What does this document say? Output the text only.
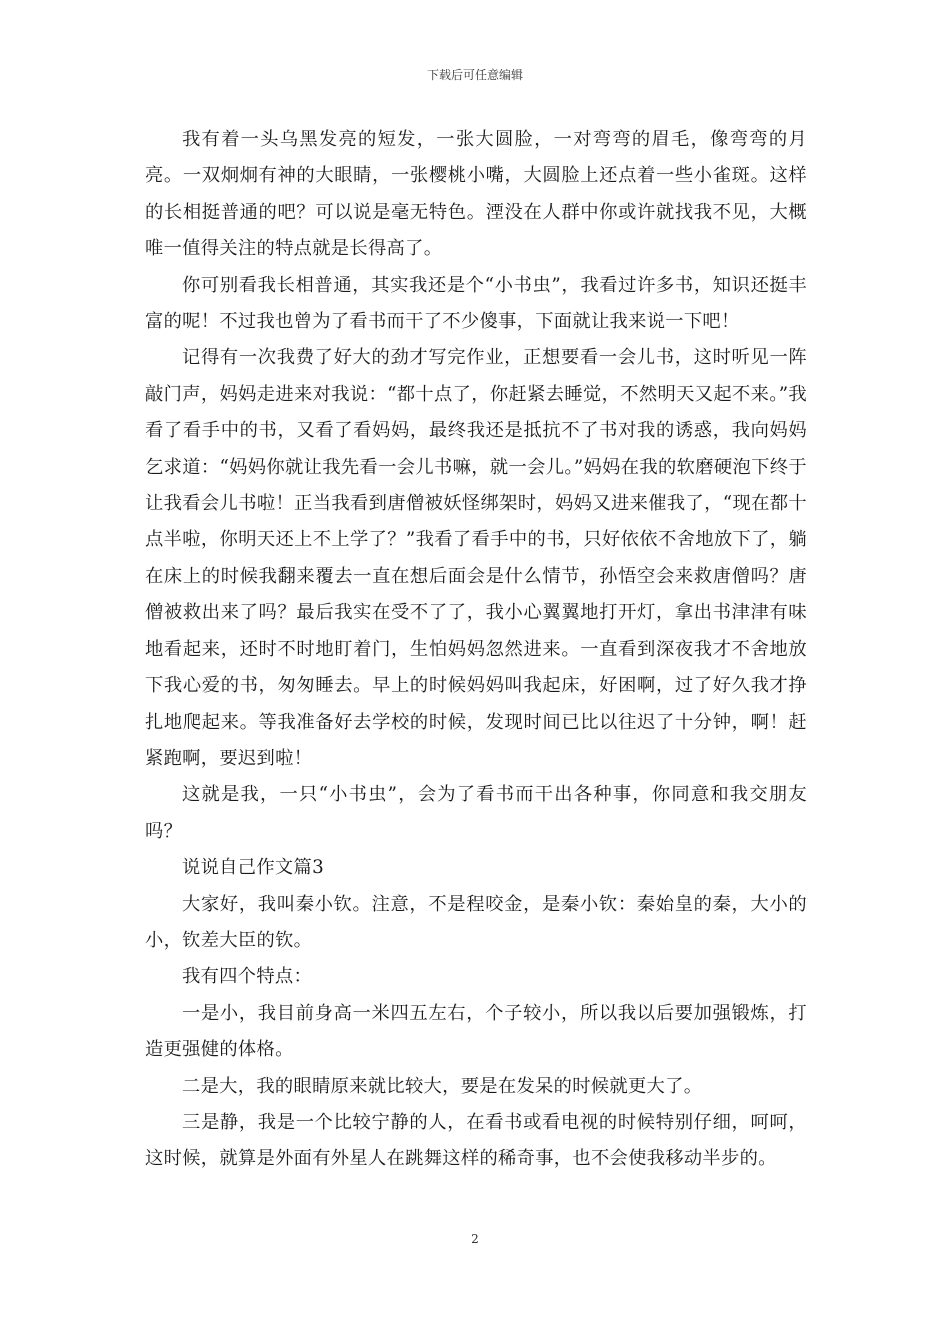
下载后可任意编辑

我有着一头乌黑发亮的短发，一张大圆脸，一对弯弯的眉毛，像弯弯的月亮。一双炯炯有神的大眼睛，一张樱桃小嘴，大圆脸上还点着一些小雀斑。这样的长相挺普通的吧？可以说是毫无特色。湮没在人群中你或许就找我不见，大概唯一值得关注的特点就是长得高了。

你可别看我长相普通，其实我还是个“小书虫”，我看过许多书，知识还挺丰富的呢！不过我也曾为了看书而干了不少傻事，下面就让我来说一下吧！

记得有一次我费了好大的劲才写完作业，正想要看一会儿书，这时听见一阵敲门声，妈妈走进来对我说：“都十点了，你赶紧去睡觉，不然明天又起不来。”我看了看手中的书，又看了看妈妈，最终我还是抵抗不了书对我的诱惑，我向妈妈乞求道：“妈妈你就让我先看一会儿书嘛，就一会儿。”妈妈在我的软磨硬泡下终于让我看会儿书啦！正当我看到唐僧被妖怪绑架时，妈妈又进来催我了，“现在都十点半啦，你明天还上不上学了？”我看了看手中的书，只好依依不舍地放下了，躺在床上的时候我翻来覆去一直在想后面会是什么情节，孙悟空会来救唐僧吗？唐僧被救出来了吗？最后我实在受不了了，我小心翼翼地打开灯，拿出书津津有味地看起来，还时不时地盯着门，生怕妈妈忽然进来。一直看到深夜我才不舍地放下我心爱的书，匆匆睡去。早上的时候妈妈叫我起床，好困啊，过了好久我才挣扎地爬起来。等我准备好去学校的时候，发现时间已比以往迟了十分钟，啊！赶紧跑啊，要迟到啦！

这就是我，一只“小书虫”，会为了看书而干出各种事，你同意和我交朋友吗？

说说自己作文篇3

大家好，我叫秦小钦。注意，不是程咬金，是秦小钦：秦始皇的秦，大小的小，钦差大臣的钦。

我有四个特点：

一是小，我目前身高一米四五左右，个子较小，所以我以后要加强锻炼，打造更强健的体格。

二是大，我的眼睛原来就比较大，要是在发呆的时候就更大了。

三是静，我是一个比较宁静的人，在看书或看电视的时候特别仔细，呵呵，这时候，就算是外面有外星人在跳舞这样的稀奇事，也不会使我移动半步的。

2
